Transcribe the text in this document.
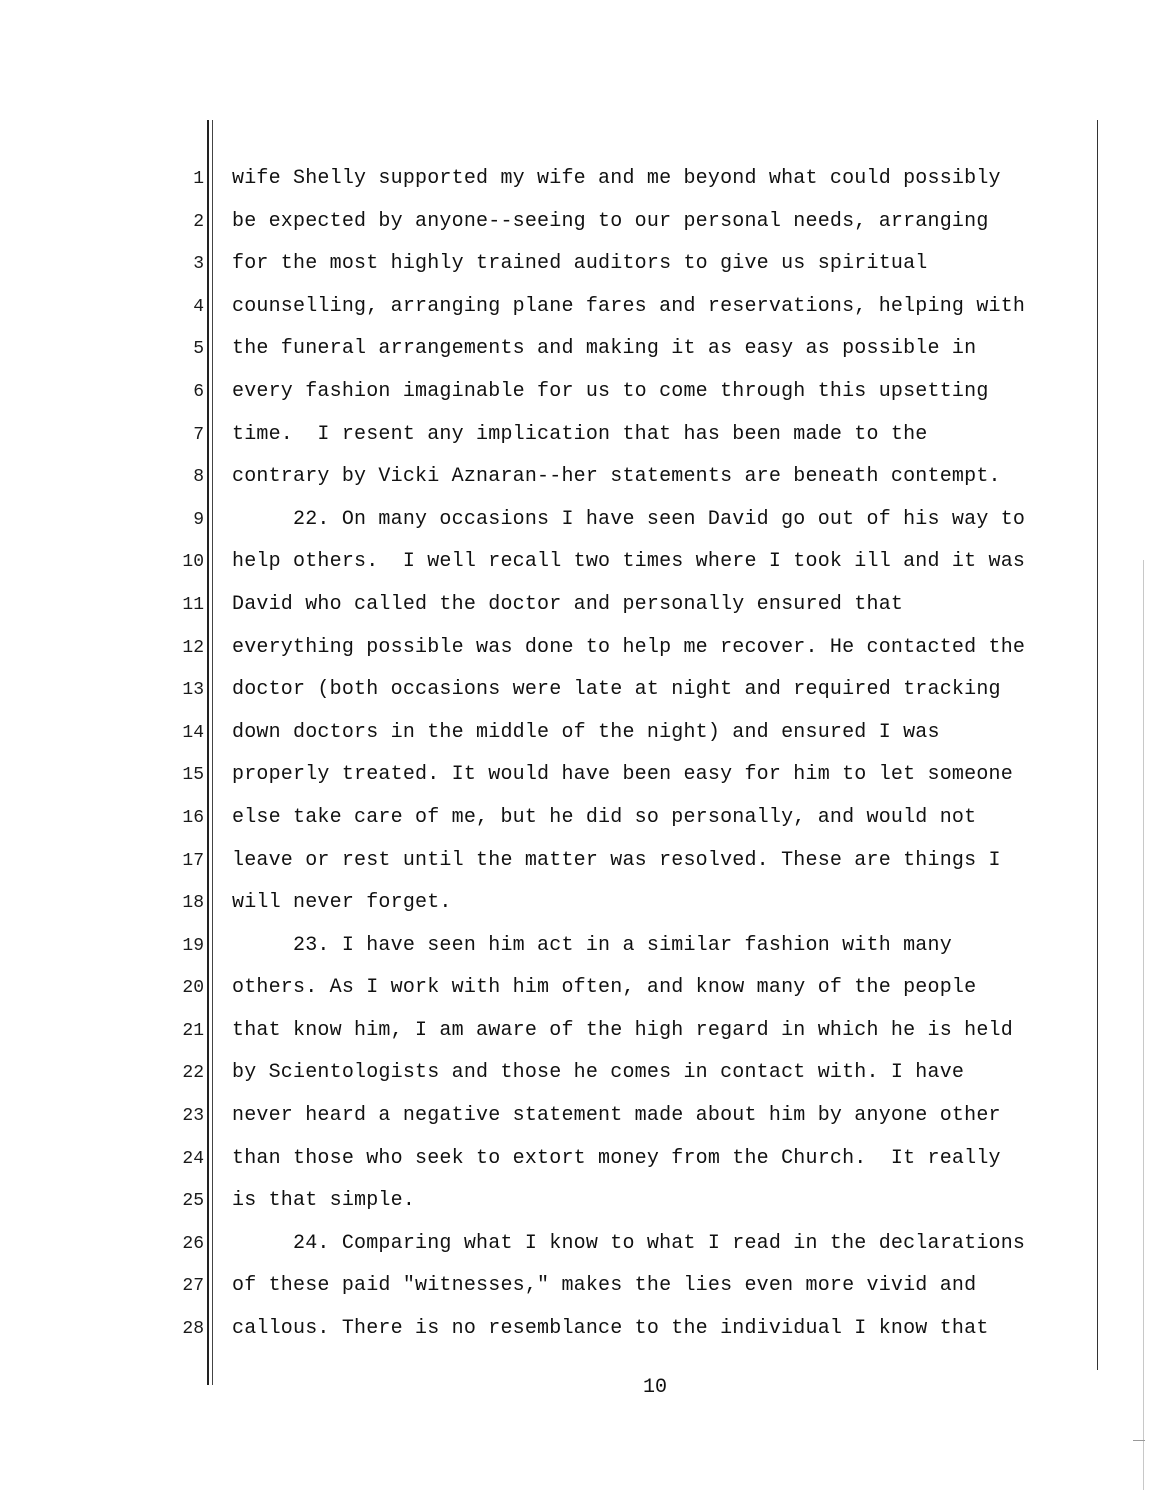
1
2
3
4
5
6
7
8
9
10
11
12
13
14
15
16
17
18
19
20
21
22
23
24
25
26
27
28
wife Shelly supported my wife and me beyond what could possibly
be expected by anyone--seeing to our personal needs, arranging
for the most highly trained auditors to give us spiritual
counselling, arranging plane fares and reservations, helping with
the funeral arrangements and making it as easy as possible in
every fashion imaginable for us to come through this upsetting
time.  I resent any implication that has been made to the
contrary by Vicki Aznaran--her statements are beneath contempt.
22. On many occasions I have seen David go out of his way to
help others.  I well recall two times where I took ill and it was
David who called the doctor and personally ensured that
everything possible was done to help me recover. He contacted the
doctor (both occasions were late at night and required tracking
down doctors in the middle of the night) and ensured I was
properly treated. It would have been easy for him to let someone
else take care of me, but he did so personally, and would not
leave or rest until the matter was resolved. These are things I
will never forget.
23. I have seen him act in a similar fashion with many
others. As I work with him often, and know many of the people
that know him, I am aware of the high regard in which he is held
by Scientologists and those he comes in contact with. I have
never heard a negative statement made about him by anyone other
than those who seek to extort money from the Church.  It really
is that simple.
24. Comparing what I know to what I read in the declarations
of these paid "witnesses," makes the lies even more vivid and
callous. There is no resemblance to the individual I know that
10
